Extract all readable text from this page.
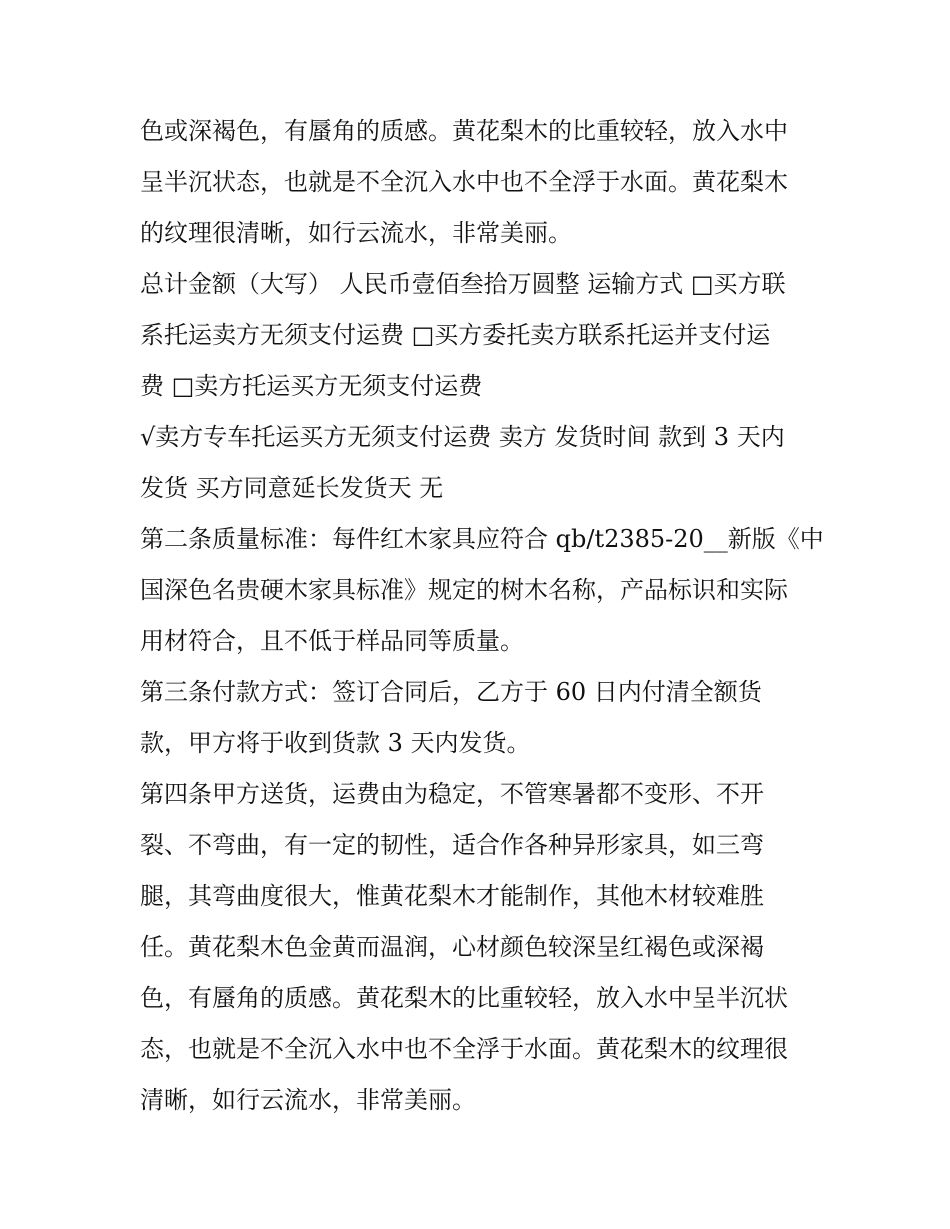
色或深褐色，有蜃角的质感。黄花梨木的比重较轻，放入水中
呈半沉状态，也就是不全沉入水中也不全浮于水面。黄花梨木
的纹理很清晰，如行云流水，非常美丽。
总计金额（大写） 人民币壹佰叁拾万圆整 运输方式 □买方联
系托运卖方无须支付运费 □买方委托卖方联系托运并支付运
费 □卖方托运买方无须支付运费
√卖方专车托运买方无须支付运费 卖方 发货时间 款到 3 天内
发货 买方同意延长发货天 无
第二条质量标准：每件红木家具应符合 qb/t2385-20__新版《中
国深色名贵硬木家具标准》规定的树木名称，产品标识和实际
用材符合，且不低于样品同等质量。
第三条付款方式：签订合同后，乙方于 60 日内付清全额货
款，甲方将于收到货款 3 天内发货。
第四条甲方送货，运费由为稳定，不管寒暑都不变形、不开
裂、不弯曲，有一定的韧性，适合作各种异形家具，如三弯
腿，其弯曲度很大，惟黄花梨木才能制作，其他木材较难胜
任。黄花梨木色金黄而温润，心材颜色较深呈红褐色或深褐
色，有蜃角的质感。黄花梨木的比重较轻，放入水中呈半沉状
态，也就是不全沉入水中也不全浮于水面。黄花梨木的纹理很
清晰，如行云流水，非常美丽。
